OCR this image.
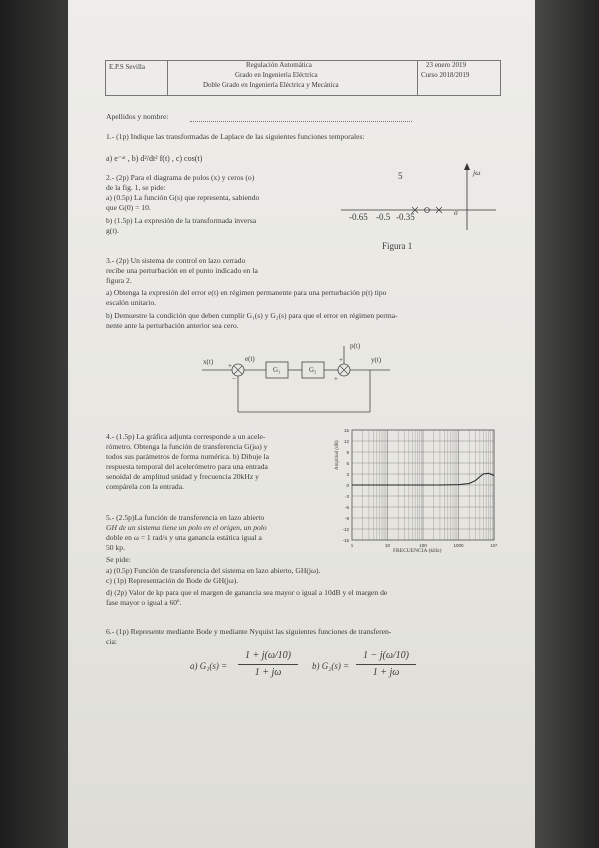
E.P.S Sevilla	Regulación Automática
Grado en Ingeniería Eléctrica
Doble Grado en Ingeniería Eléctrica y Mecánica
23 enero 2019
Curso 2018/2019
Apellidos y nombre:
1.- (1p) Indique las transformadas de Laplace de las siguientes funciones temporales:
a) e⁻ᵃᵗ , b) d²/dt² f(t) , c) cos(t)
2.- (2p) Para el diagrama de polos (x) y ceros (o)
de la fig. 1, se pide:
a) (0.5p) La función G(s) que representa, sabiendo
que G(0) = 10.
b) (1.5p) La expresión de la transformada inversa
g(t).
jω
5
σ
-0.65 -0.5 -0.35
Figura 1
3.- (2p) Un sistema de control en lazo cerrado
recibe una perturbación en el punto indicado en la
figura 2.
a) Obtenga la expresión del error e(t) en régimen permanente para una perturbación p(t) tipo
escalón unitario.
b) Demuestre la condición que deben cumplir G₁(s) y G₂(s) para que el error en régimen perma-
nente ante la perturbación anterior sea cero.
x(t)	e(t)
p(t)
y(t)
G₁	G₂
+
−
+
+
4.- (1.5p) La gráfica adjunta corresponde a un acele-
rómetro. Obtenga la función de transferencia G(jω) y
todos sus parámetros de forma numérica. b) Dibuje la
respuesta temporal del acelerómetro para una entrada
senoidal de amplitud unidad y frecuencia 20kHz y
compárela con la entrada.
15
12
9
6
3
0
-3
-6
-9
-12
-15
1	10	100	1000	10⁴
Amplitud (dB)
FRECUENCIA (kHz)
5.- (2.5p)La función de transferencia en lazo abierto
GH de un sistema tiene un polo en el origen, un polo
doble en ω = 1 rad/s y una ganancia estática igual a
50 kp.
Se pide:
a) (0.5p) Función de transferencia del sistema en lazo abierto, GH(jω).
c) (1p) Representación de Bode de GH(jω).
d) (2p) Valor de kp para que el margen de ganancia sea mayor o igual a 10dB y el margen de
fase mayor o igual a 60º.
6.- (1p) Represente mediante Bode y mediante Nyquist las siguientes funciones de transferen-
cia:
a) G₁(s) =
1 + j(ω/10)
1 + jω
b) G₂(s) =
1 − j(ω/10)
1 + jω
